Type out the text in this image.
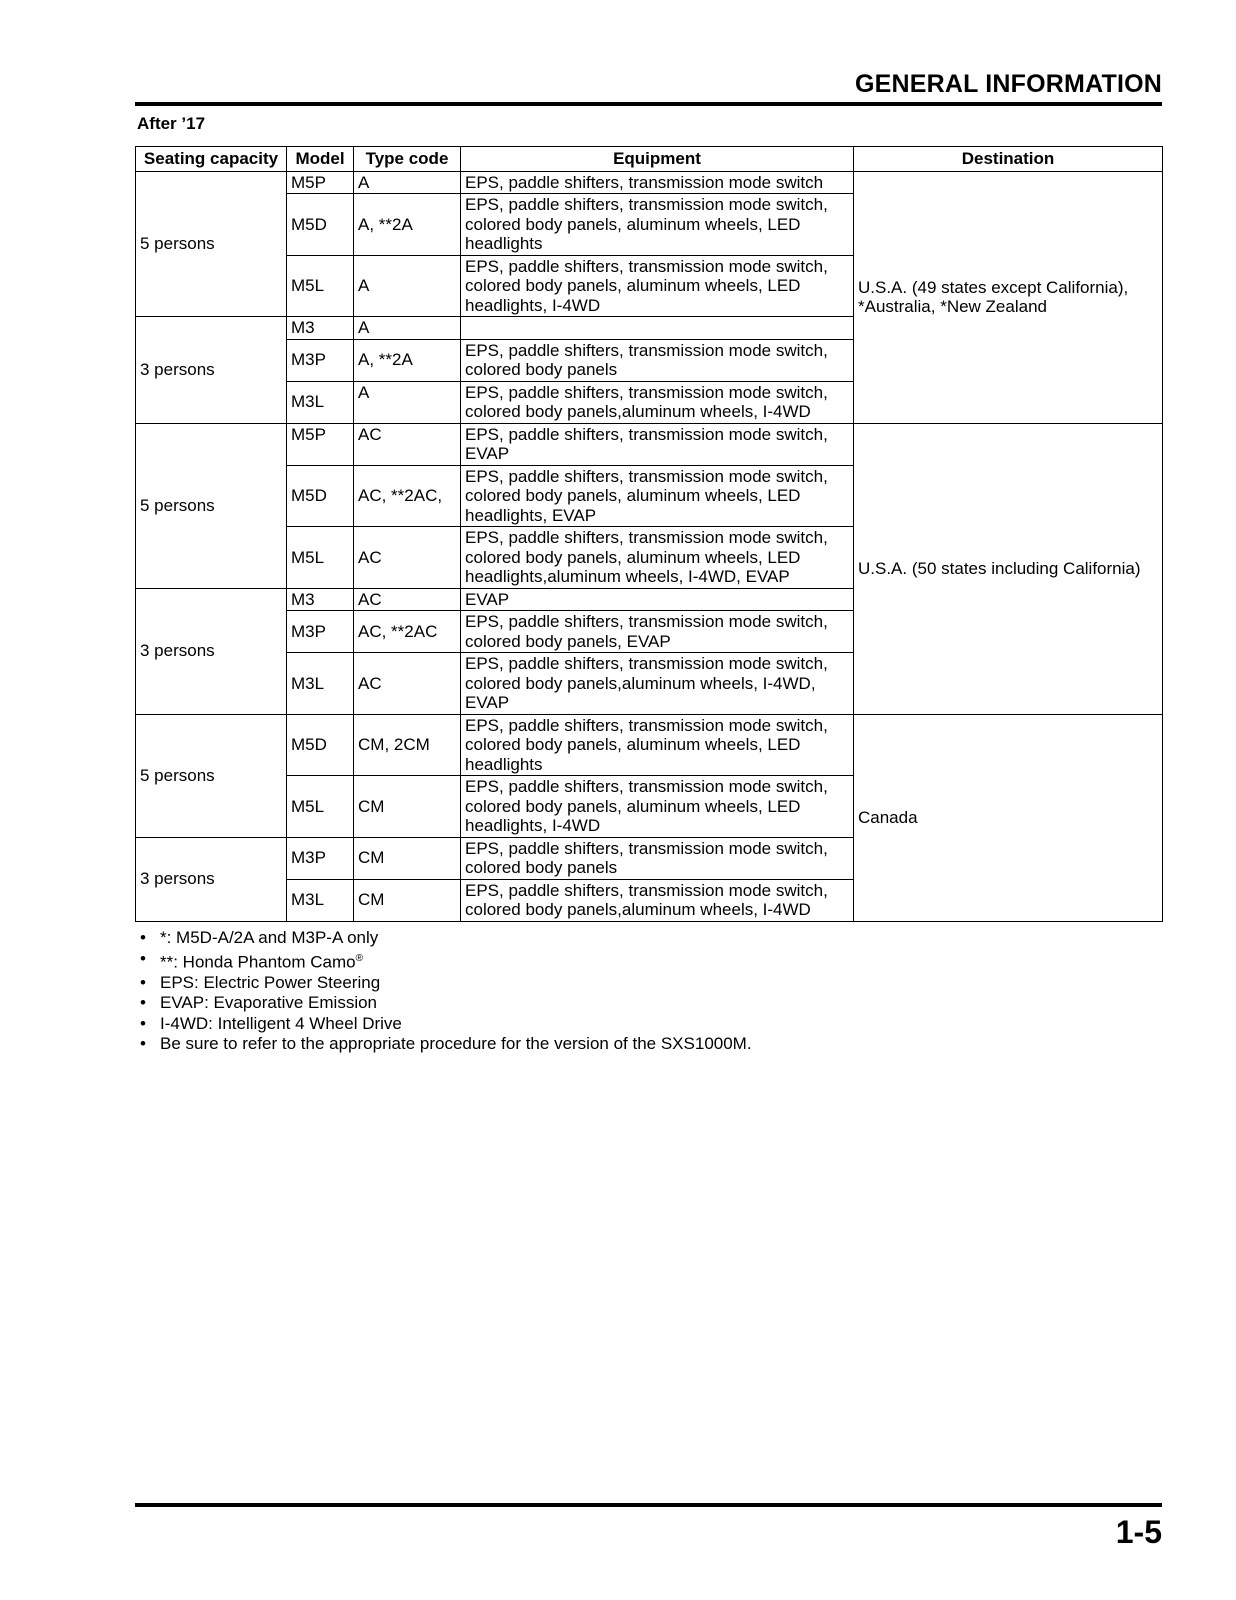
GENERAL INFORMATION
After ’17
Seating capacity	Model	Type code	Equipment	Destination
5 persons	M5P	A	EPS, paddle shifters, transmission mode switch	U.S.A. (49 states except California), *Australia, *New Zealand
	M5D	A, **2A	EPS, paddle shifters, transmission mode switch, colored body panels, aluminum wheels, LED headlights	
	M5L	A	EPS, paddle shifters, transmission mode switch, colored body panels, aluminum wheels, LED headlights, I-4WD	
3 persons	M3	A		
	M3P	A, **2A	EPS, paddle shifters, transmission mode switch, colored body panels	
	M3L	A	EPS, paddle shifters, transmission mode switch, colored body panels,aluminum wheels, I-4WD	
5 persons	M5P	AC	EPS, paddle shifters, transmission mode switch, EVAP	U.S.A. (50 states including California)
	M5D	AC, **2AC,	EPS, paddle shifters, transmission mode switch, colored body panels, aluminum wheels, LED headlights, EVAP	
	M5L	AC	EPS, paddle shifters, transmission mode switch, colored body panels, aluminum wheels, LED headlights,aluminum wheels, I-4WD, EVAP	
3 persons	M3	AC	EVAP	
	M3P	AC, **2AC	EPS, paddle shifters, transmission mode switch, colored body panels, EVAP	
	M3L	AC	EPS, paddle shifters, transmission mode switch, colored body panels,aluminum wheels, I-4WD, EVAP	
5 persons	M5D	CM, 2CM	EPS, paddle shifters, transmission mode switch, colored body panels, aluminum wheels, LED headlights	Canada
	M5L	CM	EPS, paddle shifters, transmission mode switch, colored body panels, aluminum wheels, LED headlights, I-4WD	
3 persons	M3P	CM	EPS, paddle shifters, transmission mode switch, colored body panels	
	M3L	CM	EPS, paddle shifters, transmission mode switch, colored body panels,aluminum wheels, I-4WD	
• *: M5D-A/2A and M3P-A only
• **: Honda Phantom Camo®
• EPS: Electric Power Steering
• EVAP: Evaporative Emission
• I-4WD: Intelligent 4 Wheel Drive
• Be sure to refer to the appropriate procedure for the version of the SXS1000M.
1-5
